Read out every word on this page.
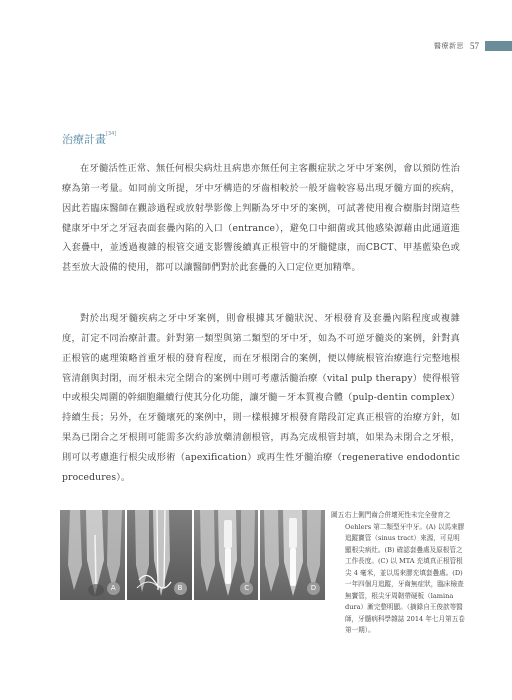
醫療新思 57
治療計畫[34]

在牙髓活性正常、無任何根尖病灶且病患亦無任何主客觀症狀之牙中牙案例，會以預防性治療為第一考量。如同前文所提，牙中牙構造的牙齒相較於一般牙齒較容易出現牙髓方面的疾病，因此若臨床醫師在觀診過程或放射學影像上判斷為牙中牙的案例，可試著使用複合樹脂封閉這些健康牙中牙之牙冠表面套疊內陷的入口（entrance），避免口中細菌或其他感染源藉由此通道進入套疊中，並透過複雜的根管交通支影響後續真正根管中的牙髓健康，而CBCT、甲基藍染色或甚至放大設備的使用，都可以讓醫師們對於此套疊的入口定位更加精準。

對於出現牙髓疾病之牙中牙案例，則會根據其牙髓狀況、牙根發育及套疊內陷程度或複雜度，訂定不同治療計畫。針對第一類型與第二類型的牙中牙，如為不可逆牙髓炎的案例，針對真正根管的處理策略首重牙根的發育程度，而在牙根閉合的案例，便以傳統根管治療進行完整地根管清創與封閉，而牙根未完全閉合的案例中則可考慮活髓治療（vital pulp therapy）使得根管中或根尖周圍的幹細胞繼續行使其分化功能，讓牙髓－牙本質複合體（pulp-dentin complex）持續生長；另外，在牙髓壞死的案例中，則一樣根據牙根發育階段訂定真正根管的治療方針，如果為已閉合之牙根則可能需多次約診放藥清創根管，再為完成根管封填，如果為未閉合之牙根，則可以考慮進行根尖成形術（apexification）或再生性牙髓治療（regenerative endodontic procedures）。

A	B	C	D
圖五：
右上側門齒合併壞死性未完全發育之 Oehlers 第二類型牙中牙。(A) 以馬來膠追蹤竇管（sinus tract）來源，可見明顯根尖病灶。(B) 確認套疊處及原根管之工作長度。(C) 以 MTA 充填真正根管根尖 4 毫米，並以馬來膠充填套疊處。(D) 一年四個月追蹤，牙齒無症狀，臨床檢查無竇管，根尖牙周韌帶硬板（lamina dura）漸完整明顯。（摘錄自王俊歆等醫師，牙髓病科學雜誌 2014 年七月第五卷第一期）。
